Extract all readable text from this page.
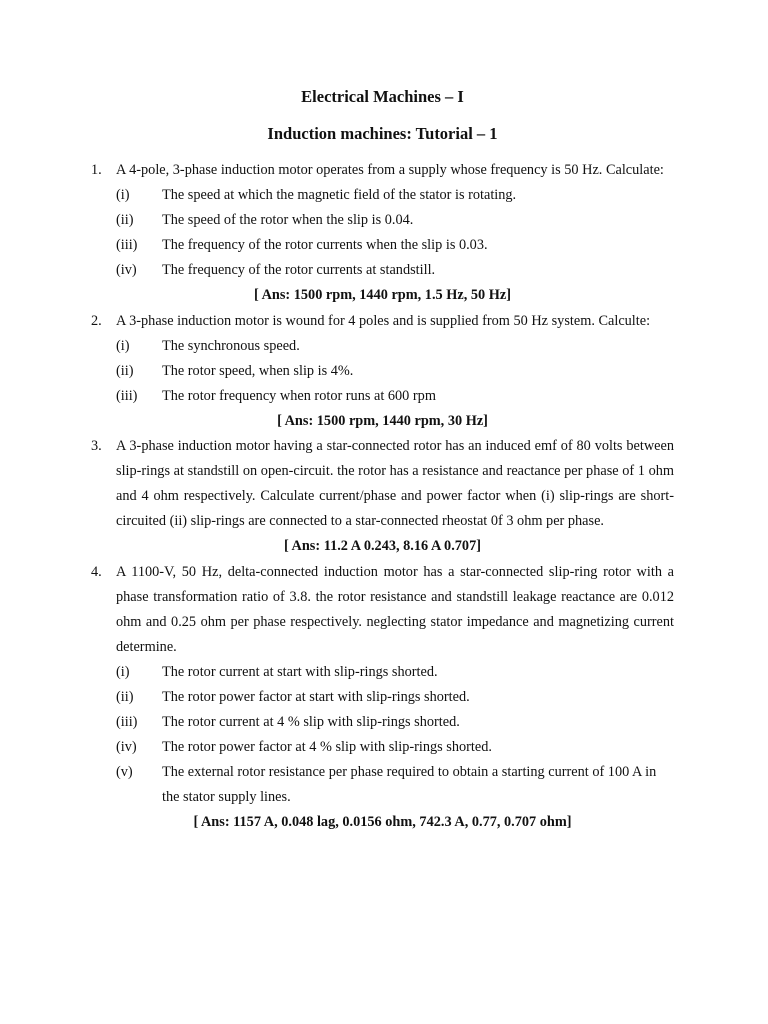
Electrical Machines – I
Induction machines: Tutorial – 1
1. A 4-pole, 3-phase induction motor operates from a supply whose frequency is 50 Hz. Calculate:
(i) The speed at which the magnetic field of the stator is rotating.
(ii) The speed of the rotor when the slip is 0.04.
(iii) The frequency of the rotor currents when the slip is 0.03.
(iv) The frequency of the rotor currents at standstill.
[ Ans: 1500 rpm, 1440 rpm, 1.5 Hz, 50 Hz]
2. A 3-phase induction motor is wound for 4 poles and is supplied from 50 Hz system. Calculte:
(i) The synchronous speed.
(ii) The rotor speed, when slip is 4%.
(iii) The rotor frequency when rotor runs at 600 rpm
[ Ans: 1500 rpm, 1440 rpm, 30 Hz]
3. A 3-phase induction motor having a star-connected rotor has an induced emf of 80 volts between slip-rings at standstill on open-circuit. the rotor has a resistance and reactance per phase of 1 ohm and 4 ohm respectively. Calculate current/phase and power factor when (i) slip-rings are short-circuited (ii) slip-rings are connected to a star-connected rheostat 0f 3 ohm per phase.
[ Ans: 11.2 A 0.243, 8.16 A 0.707]
4. A 1100-V, 50 Hz, delta-connected induction motor has a star-connected slip-ring rotor with a phase transformation ratio of 3.8. the rotor resistance and standstill leakage reactance are 0.012 ohm and 0.25 ohm per phase respectively. neglecting stator impedance and magnetizing current determine.
(i) The rotor current at start with slip-rings shorted.
(ii) The rotor power factor at start with slip-rings shorted.
(iii) The rotor current at 4 % slip with slip-rings shorted.
(iv) The rotor power factor at 4 % slip with slip-rings shorted.
(v) The external rotor resistance per phase required to obtain a starting current of 100 A in the stator supply lines.
[ Ans: 1157 A, 0.048 lag, 0.0156 ohm, 742.3 A, 0.77, 0.707 ohm]
